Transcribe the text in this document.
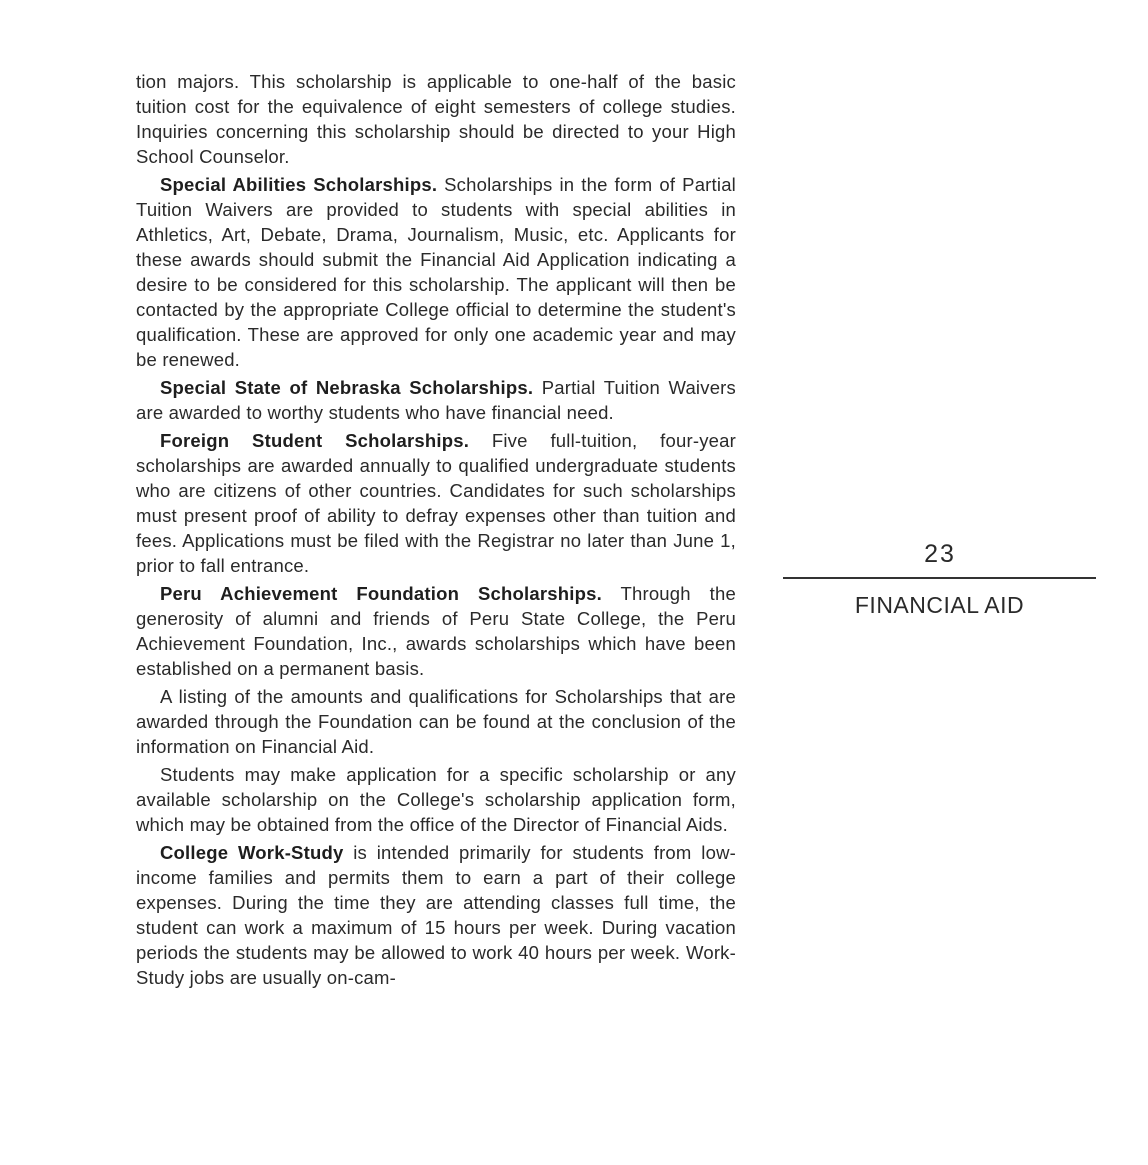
tion majors. This scholarship is applicable to one-half of the basic tuition cost for the equivalence of eight semesters of college studies. Inquiries concerning this scholarship should be directed to your High School Counselor.

Special Abilities Scholarships. Scholarships in the form of Partial Tuition Waivers are provided to students with special abilities in Athletics, Art, Debate, Drama, Journalism, Music, etc. Applicants for these awards should submit the Financial Aid Application indicating a desire to be considered for this scholarship. The applicant will then be contacted by the appropriate College official to determine the student's qualification. These are approved for only one academic year and may be renewed.

Special State of Nebraska Scholarships. Partial Tuition Waivers are awarded to worthy students who have financial need.

Foreign Student Scholarships. Five full-tuition, four-year scholarships are awarded annually to qualified undergraduate students who are citizens of other countries. Candidates for such scholarships must present proof of ability to defray expenses other than tuition and fees. Applications must be filed with the Registrar no later than June 1, prior to fall entrance.

Peru Achievement Foundation Scholarships. Through the generosity of alumni and friends of Peru State College, the Peru Achievement Foundation, Inc., awards scholarships which have been established on a permanent basis.

A listing of the amounts and qualifications for Scholarships that are awarded through the Foundation can be found at the conclusion of the information on Financial Aid.

Students may make application for a specific scholarship or any available scholarship on the College's scholarship application form, which may be obtained from the office of the Director of Financial Aids.

College Work-Study is intended primarily for students from low-income families and permits them to earn a part of their college expenses. During the time they are attending classes full time, the student can work a maximum of 15 hours per week. During vacation periods the students may be allowed to work 40 hours per week. Work-Study jobs are usually on-cam-

23
FINANCIAL AID
